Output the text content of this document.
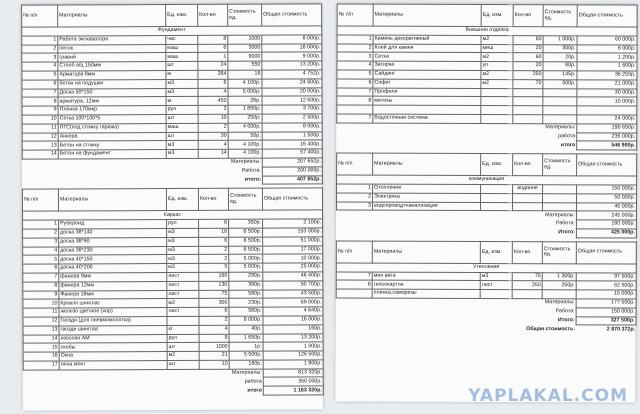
№ п/п	Материалы	Ед. изм.	Кол-во	Стоимость ед.	Общая стоимость
Фундамент					
1	Работа экскаватора	час	8	1000	8 000р.
2	песок	маш	6	3000	18 000р.
3	гравий	маш	1	9000	9 000р.
4	Столб а/ц 150мм	шт	24	550	13 200р.
5	Арматура 8мм	м	264	18	4 752р.
6	бетон на подушки	м3	6	4 100р.	24 600р.
7	Доска 50*150	м3	4	5 000р.	20 000р.
8	арматура, 12мм	м	450	28р.	12 600р.
9	Пленка 170мкр	рул	2	1 850р.	3 700р.
10	Сетка 100*100*5	шт	10	250р.	2 500р.
11	ПГС(под стяжку гаража)	маш	2	4 000р.	8 000р.
12	Анкера	шт	30	50р.	1 500р.
13	Бетон на стяжку	м3	4	4 100р.	16 400р.
14	Бетон на фундамент	м3	14	4 100р.	57 400р.
Материалы:					207 652р.
Работа:					200 000р.
итого:					407 652р.

№ п/п	Материалы	Ед. изм.	Кол-во	Стоимость ед.	Общая стоимость
Каркас					
1	Рубероид	рул	6	350р.	2 100р.
2	доска 38*140	м3	18	8 500р.	153 000р.
3	доска 38*90	м3	6	8 500р.	51 000р.
4	доска 38*230	м3	2	8 500р.	17 000р.
5	доска 40*150	м3	2	5 000р.	10 000р.
6	доска 40*200	м3	5	5 000р.	25 000р.
7	фанера 9мм	лист	160	290р.	46 400р.
8	фанера 12мм	лист	130	390р.	50 700р.
9	Фанера 18мм	лист	75	580р.	43 500р.
10	Кровля шинглас	м2	300	230р.	69 000р.
11	железо цветное (хор)	лист	6	580р.	4 640р.
12	Гвозди (для пневмомолотка)		2	8 000р.	16 000р.
13	гвозди шинглас	кг	4	40р.	160р.
14	изоспан АМ	рул	8	1 650р.	13 200р.
15	скобы	шт	1000	1р.	1 000р.
16	Окна	м2	21	5 500р.	126 500р.
17	пена монт	шт	10	180р.	1 800р.
Материалы:					813 320р.
работа					350 000р.
итого					1 163 320р.
№ п/п	Материалы	Ед. изм.	Кол-во	Стоимость ед.	Общая стоимость
Внешняя отделка					
1	Камень декоративный	м2	60	1 000р.	60 000р.
2	Клей для камня	меш	20	300р.	6 000р.
3	Сетка	м2	60	20р.	1 200р.
4	Затирка	уп	20	80р.	1 600р.
5	Сайдинг	м2	250	145р.	36 250р.
6	Софит	м2	70	300р.	21 000р.
7	Профили				30 000р.
8	метизы				10 000р.

7	Водосточная система				24 000р.
Материалы:					190 650р.
работа					235 000р.
итого					546 900р.

№ п/п	Материалы	Ед. изм.	Кол-во	Стоимость ед.	Общая стоимость
коммуникации					
1	Отопление		водяное		150 000р.
2	Электрика				50 000р.
3	водопровод+канализация				45 000р.
Материалы:					245 000р.
Работа:					180 000р.
Итого:					425 000р.

№ п/п	Материалы	Ед. изм.	Кол-во	Стоимость ед.	Общая стоимость
Утепление					
7	мин вата	м3	75	1 300р.	97 500р.
8	гипсокартон	лист	250	250р.	62 500р.
	пленка,саморезы				15 000р.
Материалы:					177 500р.
Работа:					150 000р.
Итого:					327 500р.
Общая стоимость:					2 870 372р.
YAPLAKAL.COM
